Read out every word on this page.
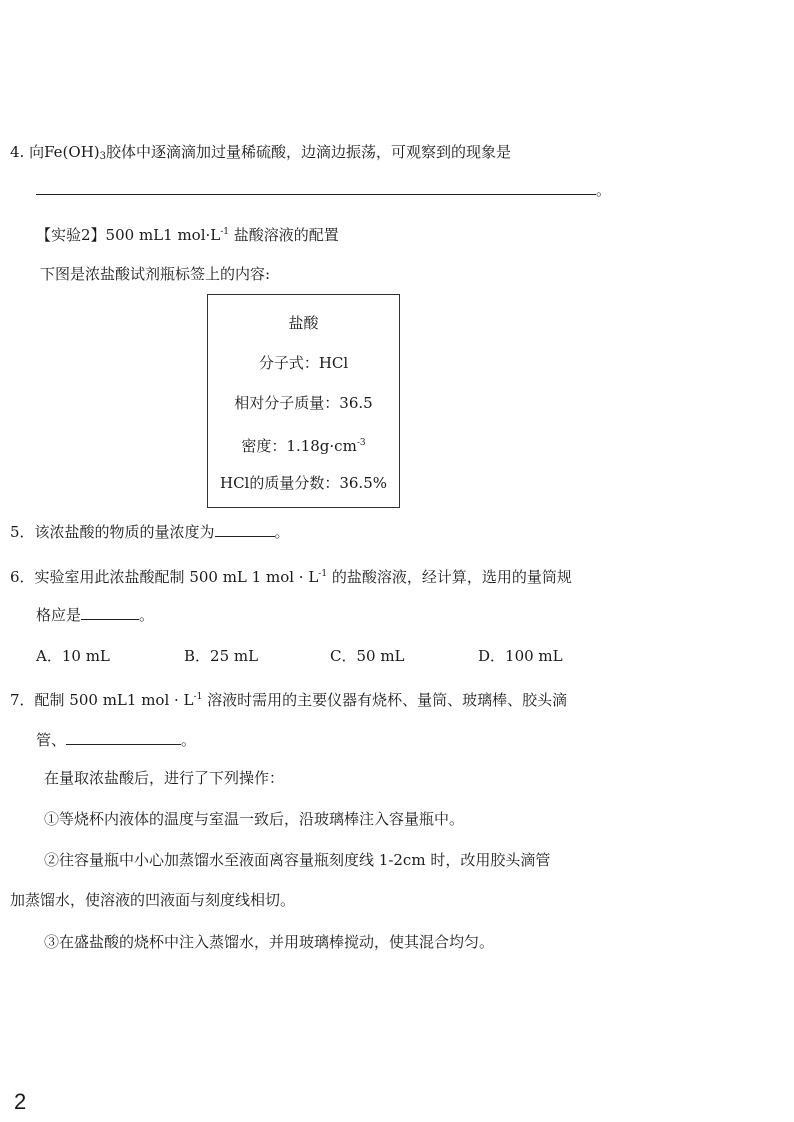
4. 向$Fe(OH)_3$胶体中逐滴滴加过量稀硫酸，边滴边振荡，可观察到的现象是
。
【实验2】500 mL1 $mol\cdot L^{-1}$ 盐酸溶液的配置
下图是浓盐酸试剂瓶标签上的内容:
盐酸
分子式：HCl
相对分子质量：36.5
密度：$1.18g\cdot cm^{-3}$
HCl的质量分数：36.5%
5．该浓盐酸的物质的量浓度为	。
6．实验室用此浓盐酸配制 500 mL 1 mol · $L^{-1}$ 的盐酸溶液，经计算，选用的量筒规
格应是	。
A．10 mL	B．25 mL	C．50 mL	D．100 mL
7．配制 500 mL1 mol · $L^{-1}$ 溶液时需用的主要仪器有烧杯、量筒、玻璃棒、胶头滴
管、	。
在量取浓盐酸后，进行了下列操作：
①等烧杯内液体的温度与室温一致后，沿玻璃棒注入容量瓶中。
②往容量瓶中小心加蒸馏水至液面离容量瓶刻度线 1-2cm 时，改用胶头滴管
加蒸馏水，使溶液的凹液面与刻度线相切。
③在盛盐酸的烧杯中注入蒸馏水，并用玻璃棒搅动，使其混合均匀。
2
